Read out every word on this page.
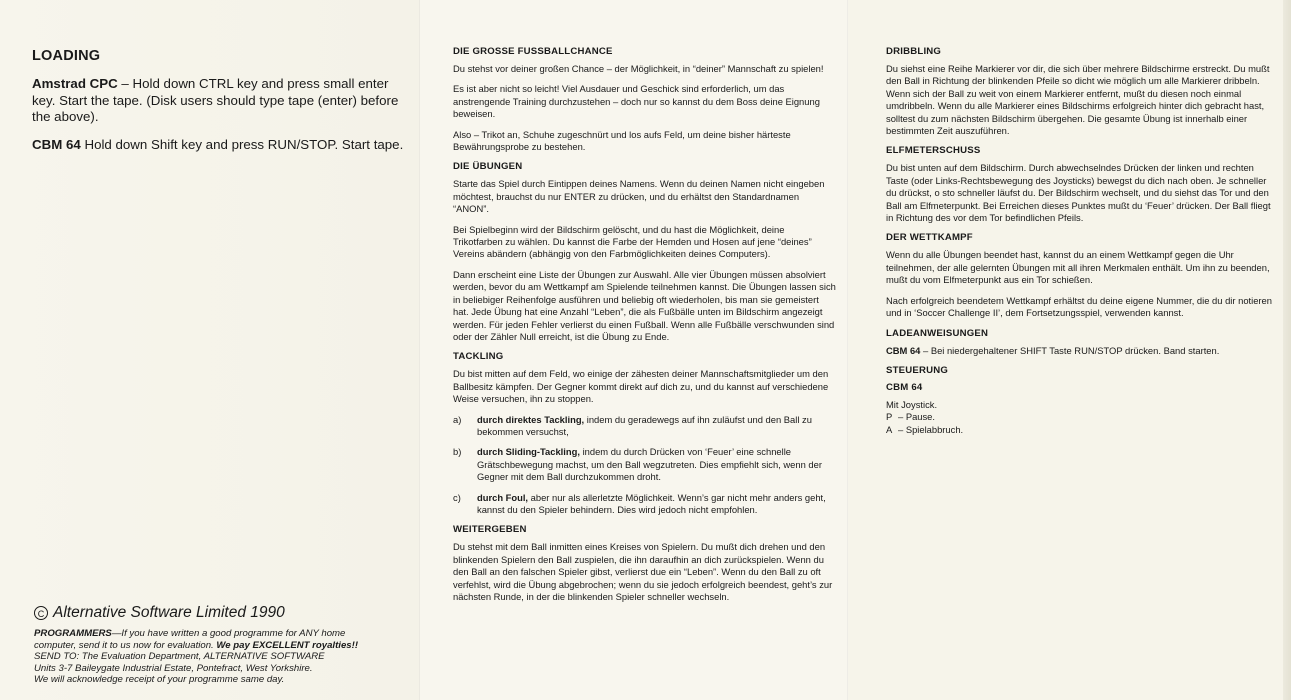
LOADING

Amstrad CPC – Hold down CTRL key and press small enter key. Start the tape. (Disk users should type tape (enter) before the above).

CBM 64 Hold down Shift key and press RUN/STOP. Start tape.

C Alternative Software Limited 1990

PROGRAMMERS—If you have written a good programme for ANY home

computer, send it to us now for evaluation. We pay EXCELLENT royalties!!

SEND TO: The Evaluation Department, ALTERNATIVE SOFTWARE

Units 3-7 Baileygate Industrial Estate, Pontefract, West Yorkshire.

We will acknowledge receipt of your programme same day.

DIE GROSSE FUSSBALLCHANCE

Du stehst vor deiner großen Chance – der Möglichkeit, in “deiner” Mannschaft zu spielen!

Es ist aber nicht so leicht! Viel Ausdauer und Geschick sind erforderlich, um das anstrengende Training durchzustehen – doch nur so kannst du dem Boss deine Eignung beweisen.

Also – Trikot an, Schuhe zugeschnürt und los aufs Feld, um deine bisher härteste Bewährungsprobe zu bestehen.

DIE ÜBUNGEN

Starte das Spiel durch Eintippen deines Namens. Wenn du deinen Namen nicht eingeben möchtest, brauchst du nur ENTER zu drücken, und du erhältst den Standardnamen “ANON”.

Bei Spielbeginn wird der Bildschirm gelöscht, und du hast die Möglichkeit, deine Trikotfarben zu wählen. Du kannst die Farbe der Hemden und Hosen auf jene “deines” Vereins abändern (abhängig von den Farbmöglichkeiten deines Computers).

Dann erscheint eine Liste der Übungen zur Auswahl. Alle vier Übungen müssen absolviert werden, bevor du am Wettkampf am Spielende teilnehmen kannst. Die Übungen lassen sich in beliebiger Reihenfolge ausführen und beliebig oft wiederholen, bis man sie gemeistert hat. Jede Übung hat eine Anzahl “Leben”, die als Fußbälle unten im Bildschirm angezeigt werden. Für jeden Fehler verlierst du einen Fußball. Wenn alle Fußbälle verschwunden sind oder der Zähler Null erreicht, ist die Übung zu Ende.

TACKLING

Du bist mitten auf dem Feld, wo einige der zähesten deiner Mannschaftsmitglieder um den Ballbesitz kämpfen. Der Gegner kommt direkt auf dich zu, und du kannst auf verschiedene Weise versuchen, ihn zu stoppen.

a)	durch direktes Tackling, indem du geradewegs auf ihn zuläufst und den Ball zu bekommen versuchst,
b)	durch Sliding-Tackling, indem du durch Drücken von ‘Feuer’ eine schnelle Grätschbewegung machst, um den Ball wegzutreten. Dies empfiehlt sich, wenn der Gegner mit dem Ball durchzukommen droht.
c)	durch Foul, aber nur als allerletzte Möglichkeit. Wenn’s gar nicht mehr anders geht, kannst du den Spieler behindern. Dies wird jedoch nicht empfohlen.
WEITERGEBEN

Du stehst mit dem Ball inmitten eines Kreises von Spielern. Du mußt dich drehen und den blinkenden Spielern den Ball zuspielen, die ihn daraufhin an dich zurückspielen. Wenn du den Ball an den falschen Spieler gibst, verlierst due ein “Leben”. Wenn du den Ball zu oft verfehlst, wird die Übung abgebrochen; wenn du sie jedoch erfolgreich beendest, geht’s zur nächsten Runde, in der die blinkenden Spieler schneller wechseln.

DRIBBLING

Du siehst eine Reihe Markierer vor dir, die sich über mehrere Bildschirme erstreckt. Du mußt den Ball in Richtung der blinkenden Pfeile so dicht wie möglich um alle Markierer dribbeln. Wenn sich der Ball zu weit von einem Markierer entfernt, mußt du diesen noch einmal umdribbeln. Wenn du alle Markierer eines Bildschirms erfolgreich hinter dich gebracht hast, solltest du zum nächsten Bildschirm übergehen. Die gesamte Übung ist innerhalb einer bestimmten Zeit auszuführen.

ELFMETERSCHUSS

Du bist unten auf dem Bildschirm. Durch abwechselndes Drücken der linken und rechten Taste (oder Links-Rechtsbewegung des Joysticks) bewegst du dich nach oben. Je schneller du drückst, o sto schneller läufst du. Der Bildschirm wechselt, und du siehst das Tor und den Ball am Elfmeterpunkt. Bei Erreichen dieses Punktes mußt du ‘Feuer’ drücken. Der Ball fliegt in Richtung des vor dem Tor befindlichen Pfeils.

DER WETTKAMPF

Wenn du alle Übungen beendet hast, kannst du an einem Wettkampf gegen die Uhr teilnehmen, der alle gelernten Übungen mit all ihren Merkmalen enthält. Um ihn zu beenden, mußt du vom Elfmeterpunkt aus ein Tor schießen.

Nach erfolgreich beendetem Wettkampf erhältst du deine eigene Nummer, die du dir notieren und in ‘Soccer Challenge II’, dem Fortsetzungsspiel, verwenden kannst.

LADEANWEISUNGEN

CBM 64 – Bei niedergehaltener SHIFT Taste RUN/STOP drücken. Band starten.

STEUERUNG
CBM 64

Mit Joystick.

P – Pause.

A – Spielabbruch.
